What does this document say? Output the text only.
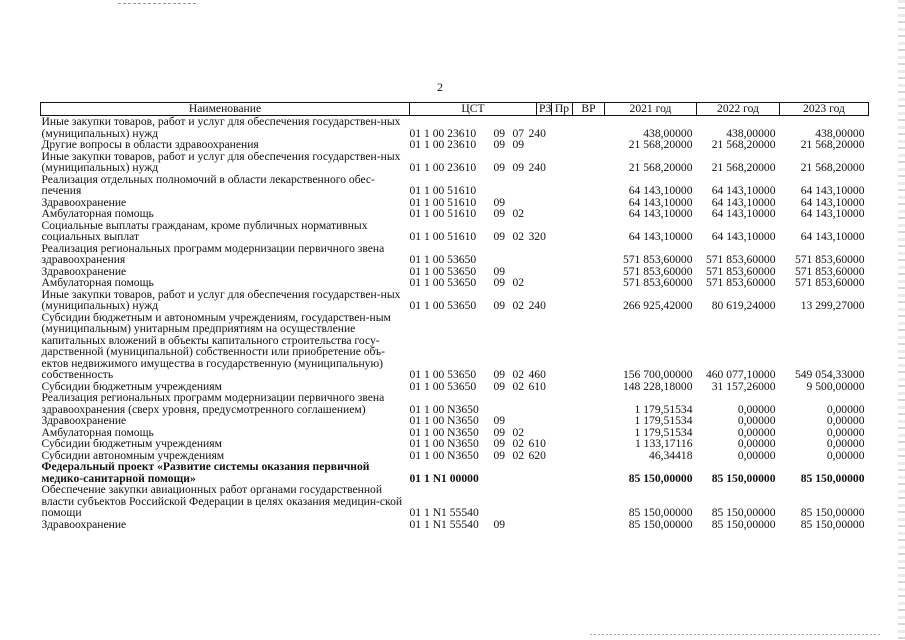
2
Наименование	ЦСТ	РЗ	Пр	ВР	2021 год	2022 год	2023 год
Иные закупки товаров, работ и услуг для обеспечения государствен-ных (муниципальных) нужд	01 1 00 23610 09 07 240				438,00000	438,00000	438,00000
Другие вопросы в области здравоохранения	01 1 00 23610 09 09				21 568,20000	21 568,20000	21 568,20000
Иные закупки товаров, работ и услуг для обеспечения государствен-ных (муниципальных) нужд	01 1 00 23610 09 09 240				21 568,20000	21 568,20000	21 568,20000
Реализация отдельных полномочий в области лекарственного обес-печения	01 1 00 51610				64 143,10000	64 143,10000	64 143,10000
Здравоохранение	01 1 00 51610 09				64 143,10000	64 143,10000	64 143,10000
Амбулаторная помощь	01 1 00 51610 09 02				64 143,10000	64 143,10000	64 143,10000
Социальные выплаты гражданам, кроме публичных нормативных социальных выплат	01 1 00 51610 09 02 320				64 143,10000	64 143,10000	64 143,10000
Реализация региональных программ модернизации первичного звена здравоохранения	01 1 00 53650				571 853,60000	571 853,60000	571 853,60000
Здравоохранение	01 1 00 53650 09				571 853,60000	571 853,60000	571 853,60000
Амбулаторная помощь	01 1 00 53650 09 02				571 853,60000	571 853,60000	571 853,60000
Иные закупки товаров, работ и услуг для обеспечения государствен-ных (муниципальных) нужд	01 1 00 53650 09 02 240				266 925,42000	80 619,24000	13 299,27000
Субсидии бюджетным и автономным учреждениям, государствен-ным (муниципальным) унитарным предприятиям на осуществление капитальных вложений в объекты капитального строительства госу-дарственной (муниципальной) собственности или приобретение объ-ектов недвижимого имущества в государственную (муниципальную) собственность	01 1 00 53650 09 02 460				156 700,00000	460 077,10000	549 054,33000
Субсидии бюджетным учреждениям	01 1 00 53650 09 02 610				148 228,18000	31 157,26000	9 500,00000
Реализация региональных программ модернизации первичного звена здравоохранения (сверх уровня, предусмотренного соглашением)	01 1 00 N3650				1 179,51534	0,00000	0,00000
Здравоохранение	01 1 00 N3650 09				1 179,51534	0,00000	0,00000
Амбулаторная помощь	01 1 00 N3650 09 02				1 179,51534	0,00000	0,00000
Субсидии бюджетным учреждениям	01 1 00 N3650 09 02 610				1 133,17116	0,00000	0,00000
Субсидии автономным учреждениям	01 1 00 N3650 09 02 620				46,34418	0,00000	0,00000
Федеральный проект «Развитие системы оказания первичной медико-санитарной помощи»	01 1 N1 00000				85 150,00000	85 150,00000	85 150,00000
Обеспечение закупки авиационных работ органами государственной власти субъектов Российской Федерации в целях оказания медицин-ской помощи	01 1 N1 55540				85 150,00000	85 150,00000	85 150,00000
Здравоохранение	01 1 N1 55540 09				85 150,00000	85 150,00000	85 150,00000
